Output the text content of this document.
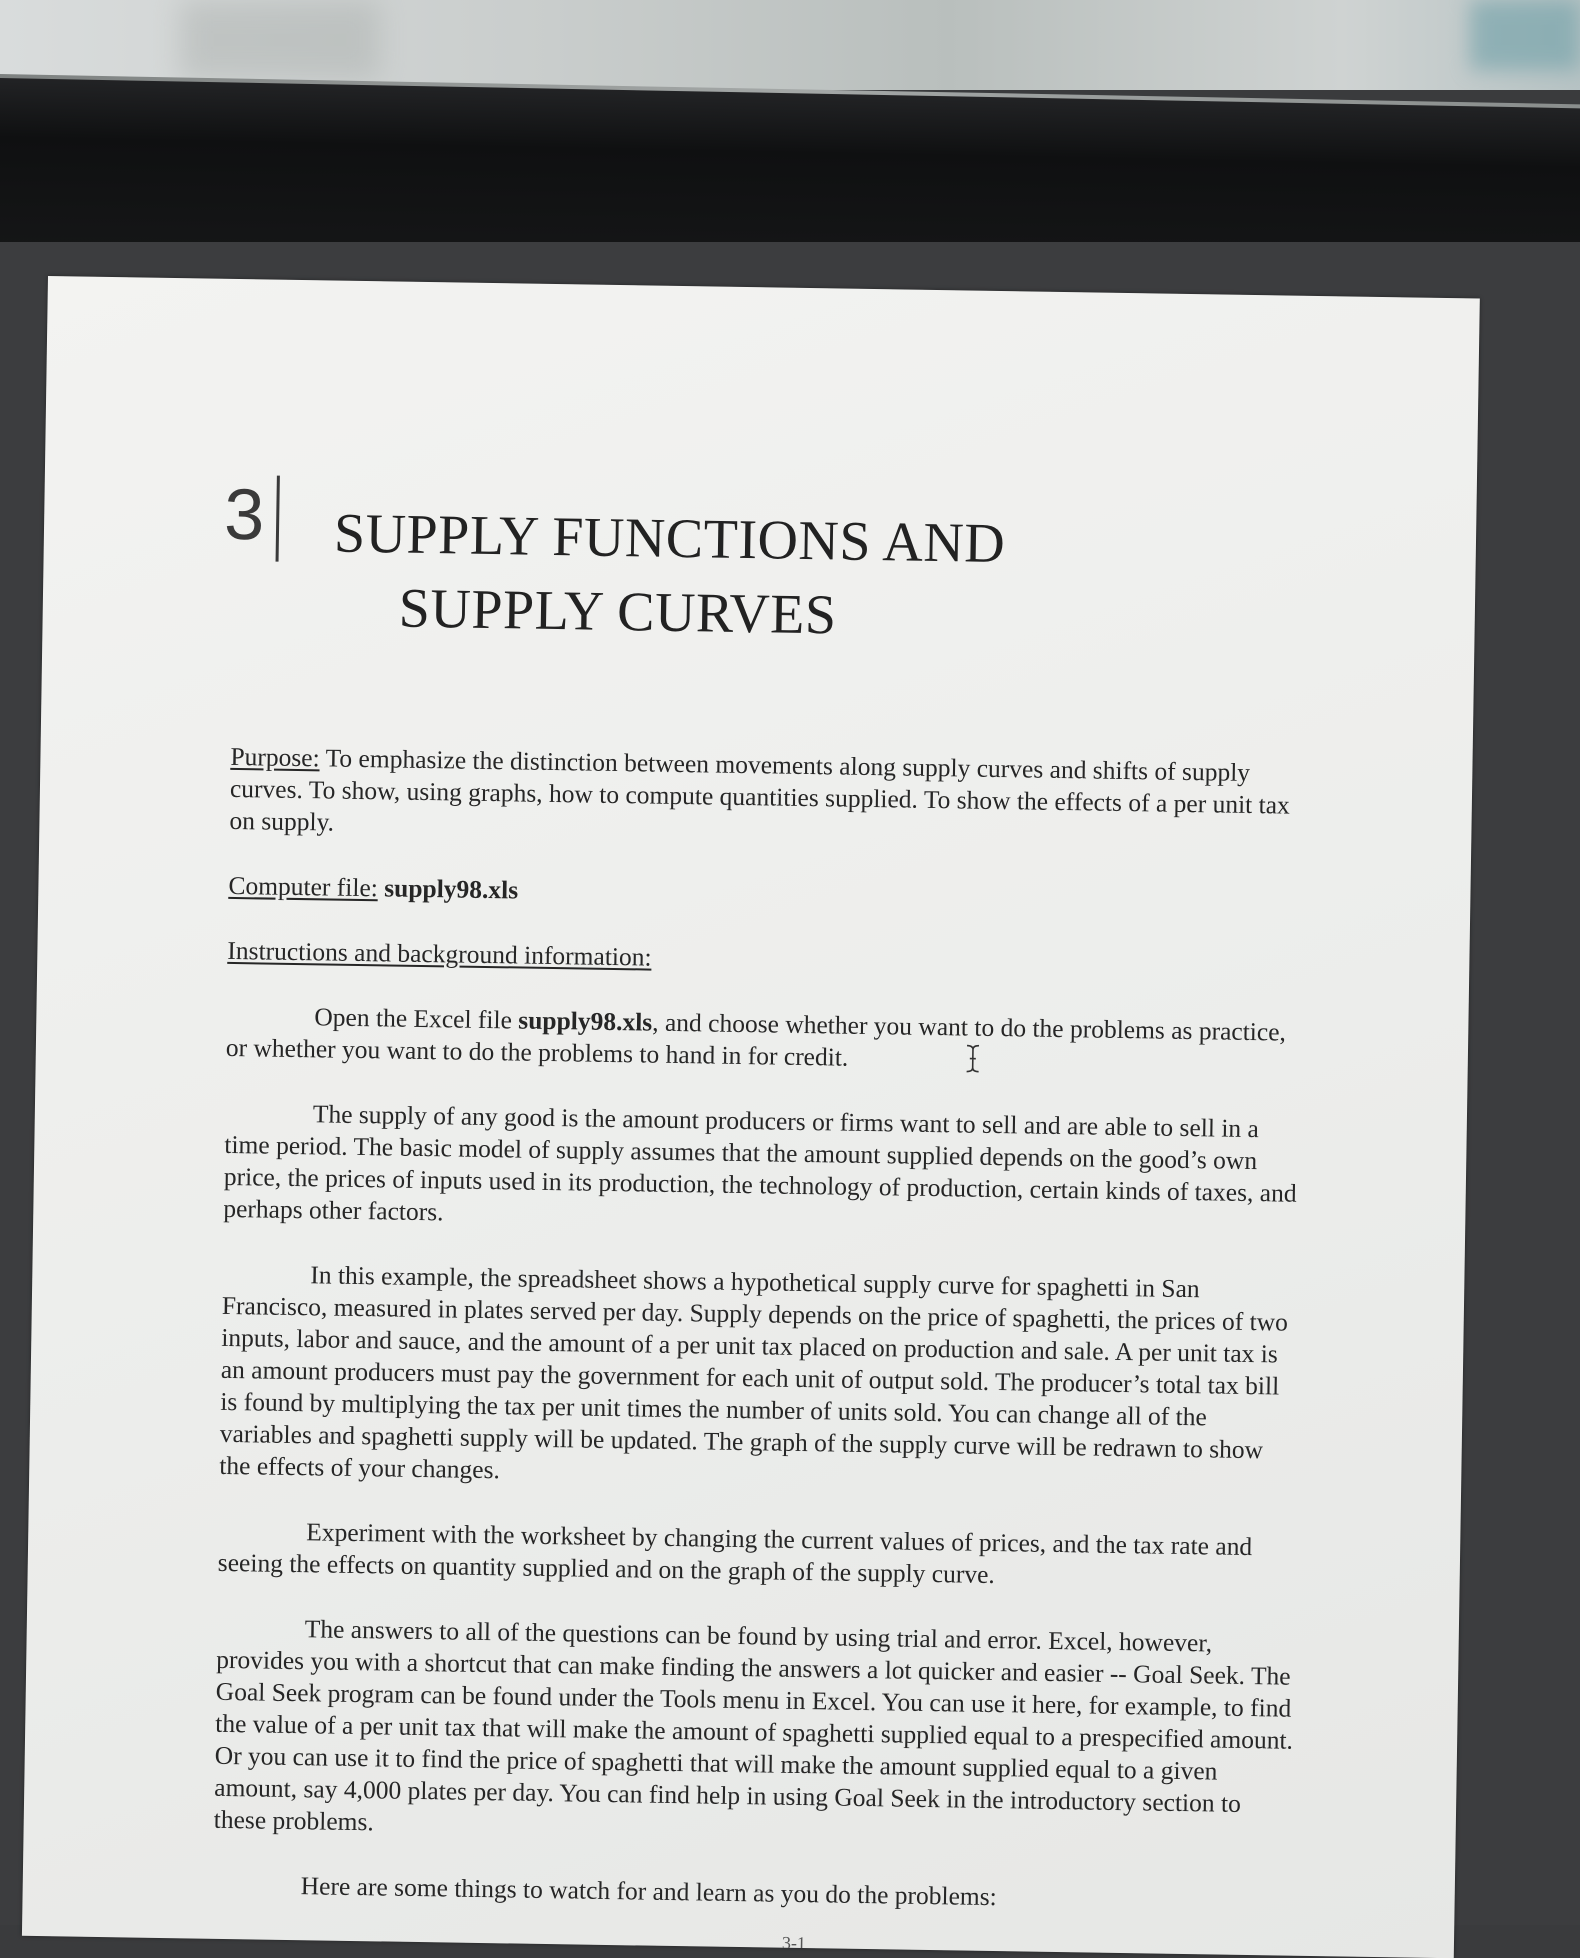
3 SUPPLY FUNCTIONS AND
SUPPLY CURVES

Purpose: To emphasize the distinction between movements along supply curves and shifts of supply curves. To show, using graphs, how to compute quantities supplied. To show the effects of a per unit tax on supply.

Computer file: supply98.xls

Instructions and background information:

Open the Excel file supply98.xls, and choose whether you want to do the problems as practice, or whether you want to do the problems to hand in for credit.

The supply of any good is the amount producers or firms want to sell and are able to sell in a time period. The basic model of supply assumes that the amount supplied depends on the good’s own price, the prices of inputs used in its production, the technology of production, certain kinds of taxes, and perhaps other factors.

In this example, the spreadsheet shows a hypothetical supply curve for spaghetti in San Francisco, measured in plates served per day. Supply depends on the price of spaghetti, the prices of two inputs, labor and sauce, and the amount of a per unit tax placed on production and sale. A per unit tax is an amount producers must pay the government for each unit of output sold. The producer’s total tax bill is found by multiplying the tax per unit times the number of units sold. You can change all of the variables and spaghetti supply will be updated. The graph of the supply curve will be redrawn to show the effects of your changes.

Experiment with the worksheet by changing the current values of prices, and the tax rate and seeing the effects on quantity supplied and on the graph of the supply curve.

The answers to all of the questions can be found by using trial and error. Excel, however, provides you with a shortcut that can make finding the answers a lot quicker and easier -- Goal Seek. The Goal Seek program can be found under the Tools menu in Excel. You can use it here, for example, to find the value of a per unit tax that will make the amount of spaghetti supplied equal to a prespecified amount. Or you can use it to find the price of spaghetti that will make the amount supplied equal to a given amount, say 4,000 plates per day. You can find help in using Goal Seek in the introductory section to these problems.

Here are some things to watch for and learn as you do the problems:

3-1
